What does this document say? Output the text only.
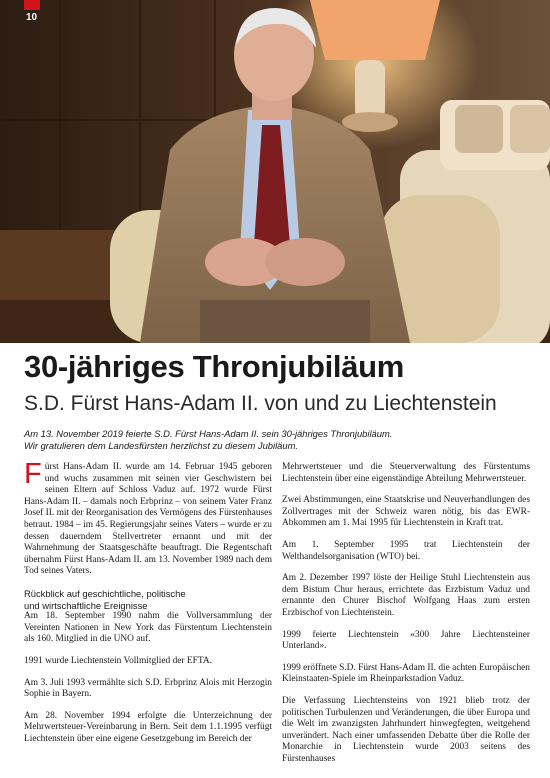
10
30-jähriges Thronjubiläum
S.D. Fürst Hans-Adam II. von und zu Liechtenstein
Am 13. November 2019 feierte S.D. Fürst Hans-Adam II. sein 30-jähriges Thronjubiläum.
Wir gratulieren dem Landesfürsten herzlichst zu diesem Jubiläum.

Fürst Hans-Adam II. wurde am 14. Februar 1945 geboren und wuchs zusammen mit seinen vier Geschwistern bei seinen Eltern auf Schloss Vaduz auf. 1972 wurde Fürst Hans-Adam II. – damals noch Erbprinz – von seinem Vater Franz Josef II. mit der Reorganisation des Vermögens des Fürstenhauses betraut. 1984 – im 45. Regierungsjahr seines Vaters – wurde er zu dessen dauerndem Stellvertreter ernannt und mit der Wahrnehmung der Staatsgeschäfte beauftragt. Die Regentschaft übernahm Fürst Hans-Adam II. am 13. November 1989 nach dem Tod seines Vaters.

Rückblick auf geschichtliche, politische
und wirtschaftliche Ereignisse

Am 18. September 1990 nahm die Vollversammlung der Vereinten Nationen in New York das Fürstentum Liechtenstein als 160. Mitglied in die UNO auf.

1991 wurde Liechtenstein Vollmitglied der EFTA.

Am 3. Juli 1993 vermählte sich S.D. Erbprinz Alois mit Herzogin Sophie in Bayern.

Am 28. November 1994 erfolgte die Unterzeichnung der Mehrwertsteuer-Vereinbarung in Bern. Seit dem 1.1.1995 verfügt Liechtenstein über eine eigene Gesetzgebung im Bereich der

Mehrwertsteuer und die Steuerverwaltung des Fürstentums Liechtenstein über eine eigenständige Abteilung Mehrwertsteuer.

Zwei Abstimmungen, eine Staatskrise und Neuverhandlungen des Zollvertrages mit der Schweiz waren nötig, bis das EWR-Abkommen am 1. Mai 1995 für Liechtenstein in Kraft trat.

Am 1. September 1995 trat Liechtenstein der Welthandelsorganisation (WTO) bei.

Am 2. Dezember 1997 löste der Heilige Stuhl Liechtenstein aus dem Bistum Chur heraus, errichtete das Erzbistum Vaduz und ernannte den Churer Bischof Wolfgang Haas zum ersten Erzbischof von Liechtenstein.

1999 feierte Liechtenstein «300 Jahre Liechtensteiner Unterland».

1999 eröffnete S.D. Fürst Hans-Adam II. die achten Europäischen Kleinstaaten-Spiele im Rheinparkstadion Vaduz.

Die Verfassung Liechtensteins von 1921 blieb trotz der politischen Turbulenzen und Veränderungen, die über Europa und die Welt im zwanzigsten Jahrhundert hinwegfegten, weitgehend unverändert. Nach einer umfassenden Debatte über die Rolle der Monarchie in Liechtenstein wurde 2003 seitens des Fürstenhauses
